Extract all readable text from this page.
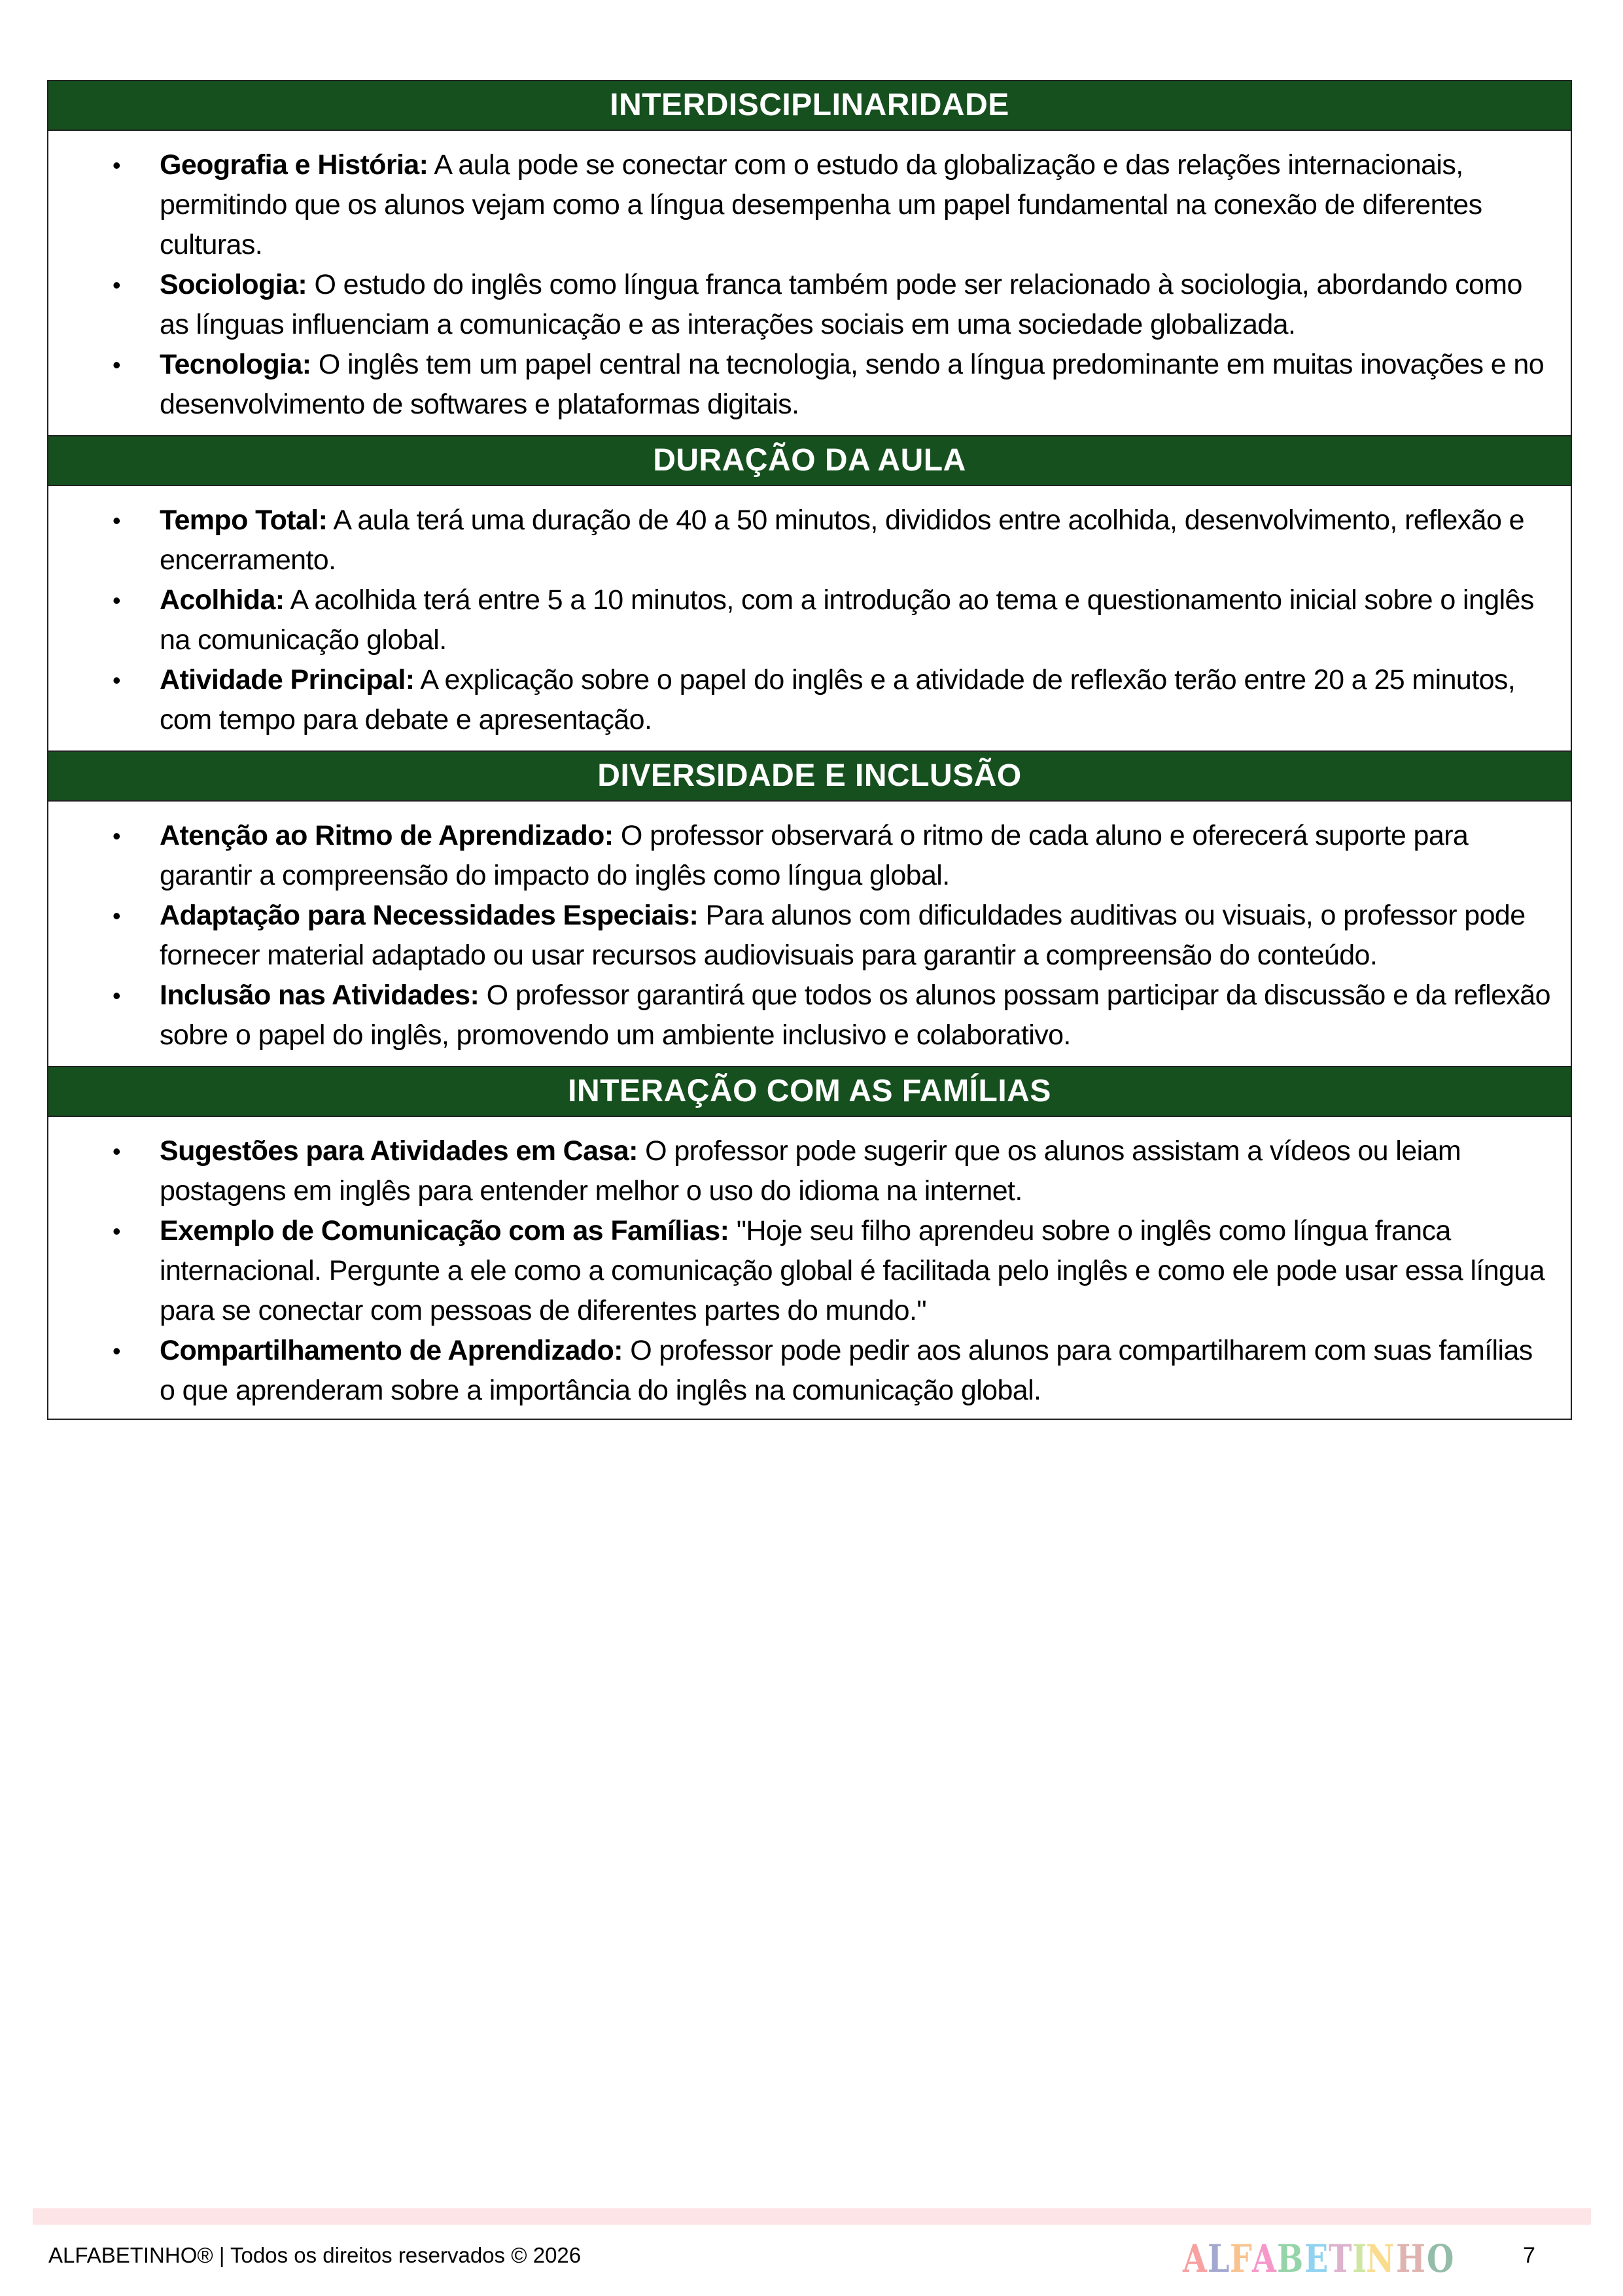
INTERDISCIPLINARIDADE
• Geografia e História: A aula pode se conectar com o estudo da globalização e das relações internacionais, permitindo que os alunos vejam como a língua desempenha um papel fundamental na conexão de diferentes culturas.
• Sociologia: O estudo do inglês como língua franca também pode ser relacionado à sociologia, abordando como as línguas influenciam a comunicação e as interações sociais em uma sociedade globalizada.
• Tecnologia: O inglês tem um papel central na tecnologia, sendo a língua predominante em muitas inovações e no desenvolvimento de softwares e plataformas digitais.
DURAÇÃO DA AULA
• Tempo Total: A aula terá uma duração de 40 a 50 minutos, divididos entre acolhida, desenvolvimento, reflexão e encerramento.
• Acolhida: A acolhida terá entre 5 a 10 minutos, com a introdução ao tema e questionamento inicial sobre o inglês na comunicação global.
• Atividade Principal: A explicação sobre o papel do inglês e a atividade de reflexão terão entre 20 a 25 minutos, com tempo para debate e apresentação.
DIVERSIDADE E INCLUSÃO
• Atenção ao Ritmo de Aprendizado: O professor observará o ritmo de cada aluno e oferecerá suporte para garantir a compreensão do impacto do inglês como língua global.
• Adaptação para Necessidades Especiais: Para alunos com dificuldades auditivas ou visuais, o professor pode fornecer material adaptado ou usar recursos audiovisuais para garantir a compreensão do conteúdo.
• Inclusão nas Atividades: O professor garantirá que todos os alunos possam participar da discussão e da reflexão sobre o papel do inglês, promovendo um ambiente inclusivo e colaborativo.
INTERAÇÃO COM AS FAMÍLIAS
• Sugestões para Atividades em Casa: O professor pode sugerir que os alunos assistam a vídeos ou leiam postagens em inglês para entender melhor o uso do idioma na internet.
• Exemplo de Comunicação com as Famílias: "Hoje seu filho aprendeu sobre o inglês como língua franca internacional. Pergunte a ele como a comunicação global é facilitada pelo inglês e como ele pode usar essa língua para se conectar com pessoas de diferentes partes do mundo."
• Compartilhamento de Aprendizado: O professor pode pedir aos alunos para compartilharem com suas famílias o que aprenderam sobre a importância do inglês na comunicação global.
ALFABETINHO® | Todos os direitos reservados © 2026	ALFABETINHO	7
